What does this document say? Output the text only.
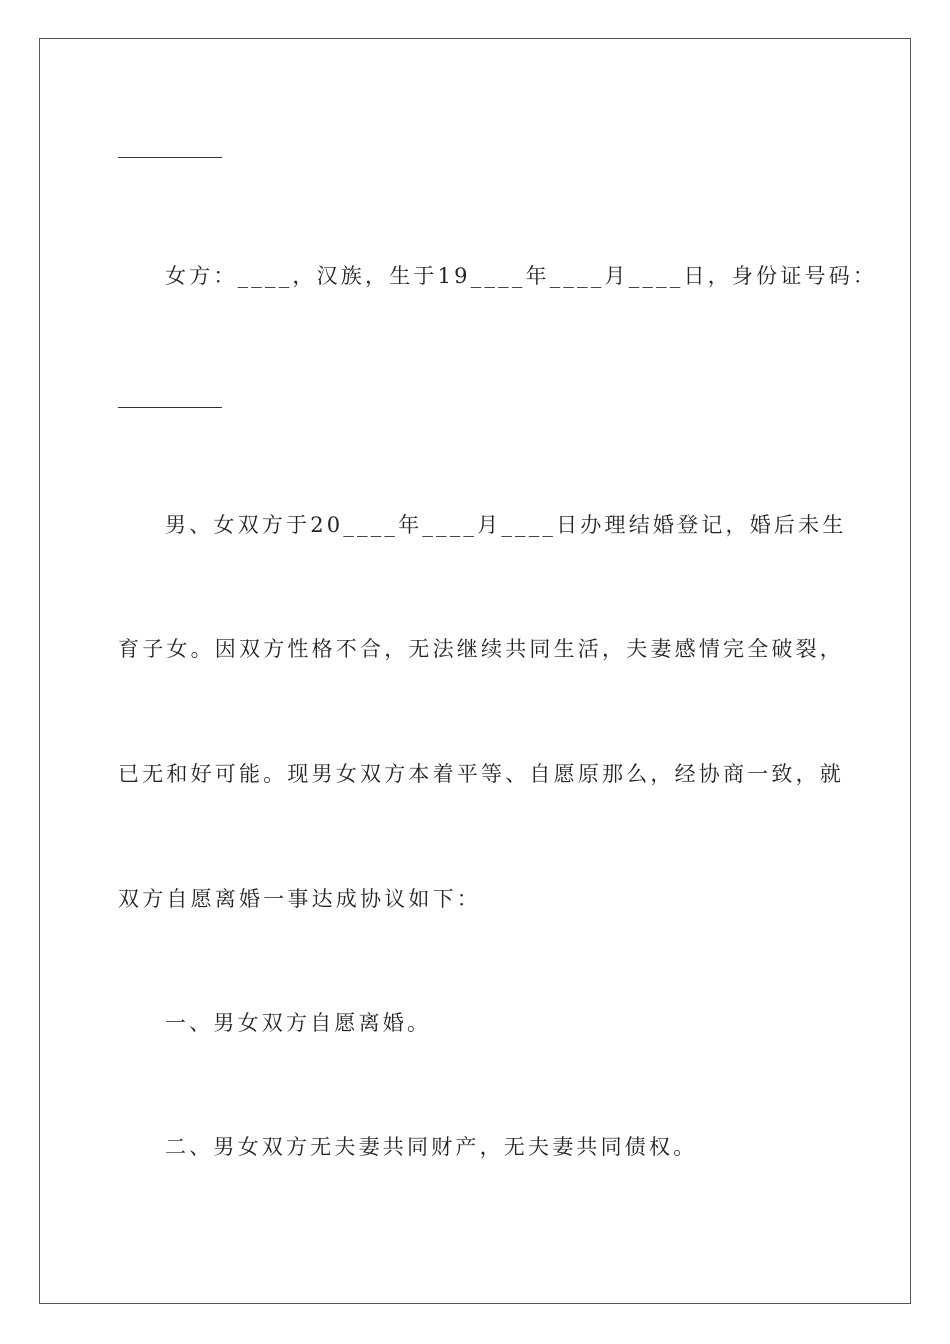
女方：____，汉族，生于19____年____月____日，身份证号码：
男、女双方于20____年____月____日办理结婚登记，婚后未生
育子女。因双方性格不合，无法继续共同生活，夫妻感情完全破裂，
已无和好可能。现男女双方本着平等、自愿原那么，经协商一致，就
双方自愿离婚一事达成协议如下：
一、男女双方自愿离婚。
二、男女双方无夫妻共同财产，无夫妻共同债权。
